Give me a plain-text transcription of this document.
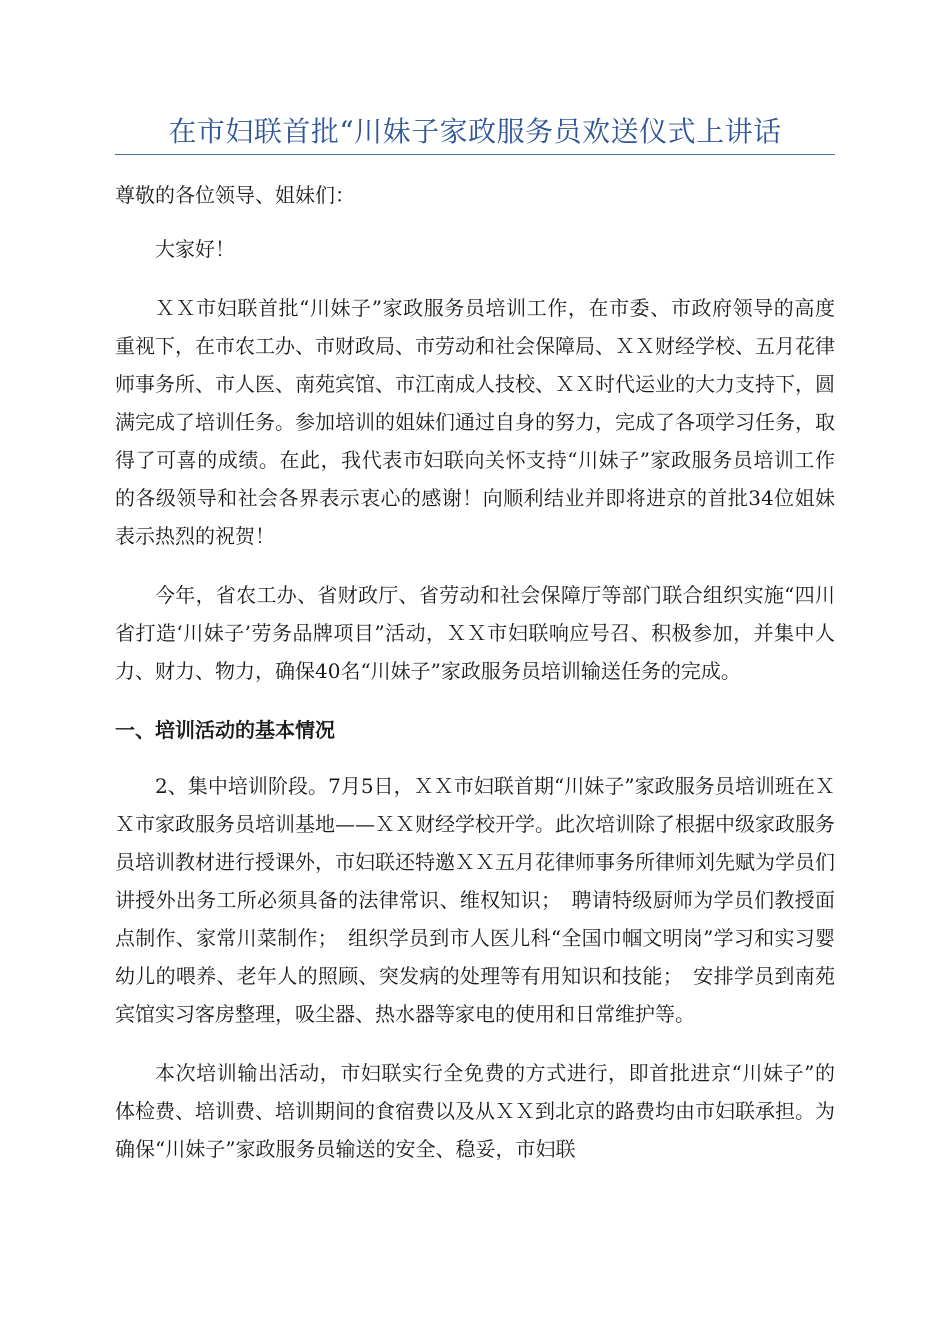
在市妇联首批“川妹子家政服务员欢送仪式上讲话

尊敬的各位领导、姐妹们：

大家好！

ＸＸ市妇联首批“川妹子”家政服务员培训工作，在市委、市政府领导的高度重视下，在市农工办、市财政局、市劳动和社会保障局、ＸＸ财经学校、五月花律师事务所、市人医、南苑宾馆、市江南成人技校、ＸＸ时代运业的大力支持下，圆满完成了培训任务。参加培训的姐妹们通过自身的努力，完成了各项学习任务，取得了可喜的成绩。在此，我代表市妇联向关怀支持“川妹子”家政服务员培训工作的各级领导和社会各界表示衷心的感谢！向顺利结业并即将进京的首批34位姐妹表示热烈的祝贺！

今年，省农工办、省财政厅、省劳动和社会保障厅等部门联合组织实施“四川省打造‘川妹子’劳务品牌项目”活动，ＸＸ市妇联响应号召、积极参加，并集中人力、财力、物力，确保40名“川妹子”家政服务员培训输送任务的完成。

一、培训活动的基本情况

2、集中培训阶段。7月5日，ＸＸ市妇联首期“川妹子”家政服务员培训班在ＸＸ市家政服务员培训基地——ＸＸ财经学校开学。此次培训除了根据中级家政服务员培训教材进行授课外，市妇联还特邀ＸＸ五月花律师事务所律师刘先赋为学员们讲授外出务工所必须具备的法律常识、维权知识；　聘请特级厨师为学员们教授面点制作、家常川菜制作；　组织学员到市人医儿科“全国巾帼文明岗”学习和实习婴幼儿的喂养、老年人的照顾、突发病的处理等有用知识和技能；　安排学员到南苑宾馆实习客房整理，吸尘器、热水器等家电的使用和日常维护等。

本次培训输出活动，市妇联实行全免费的方式进行，即首批进京“川妹子”的体检费、培训费、培训期间的食宿费以及从ＸＸ到北京的路费均由市妇联承担。为确保“川妹子”家政服务员输送的安全、稳妥，市妇联
